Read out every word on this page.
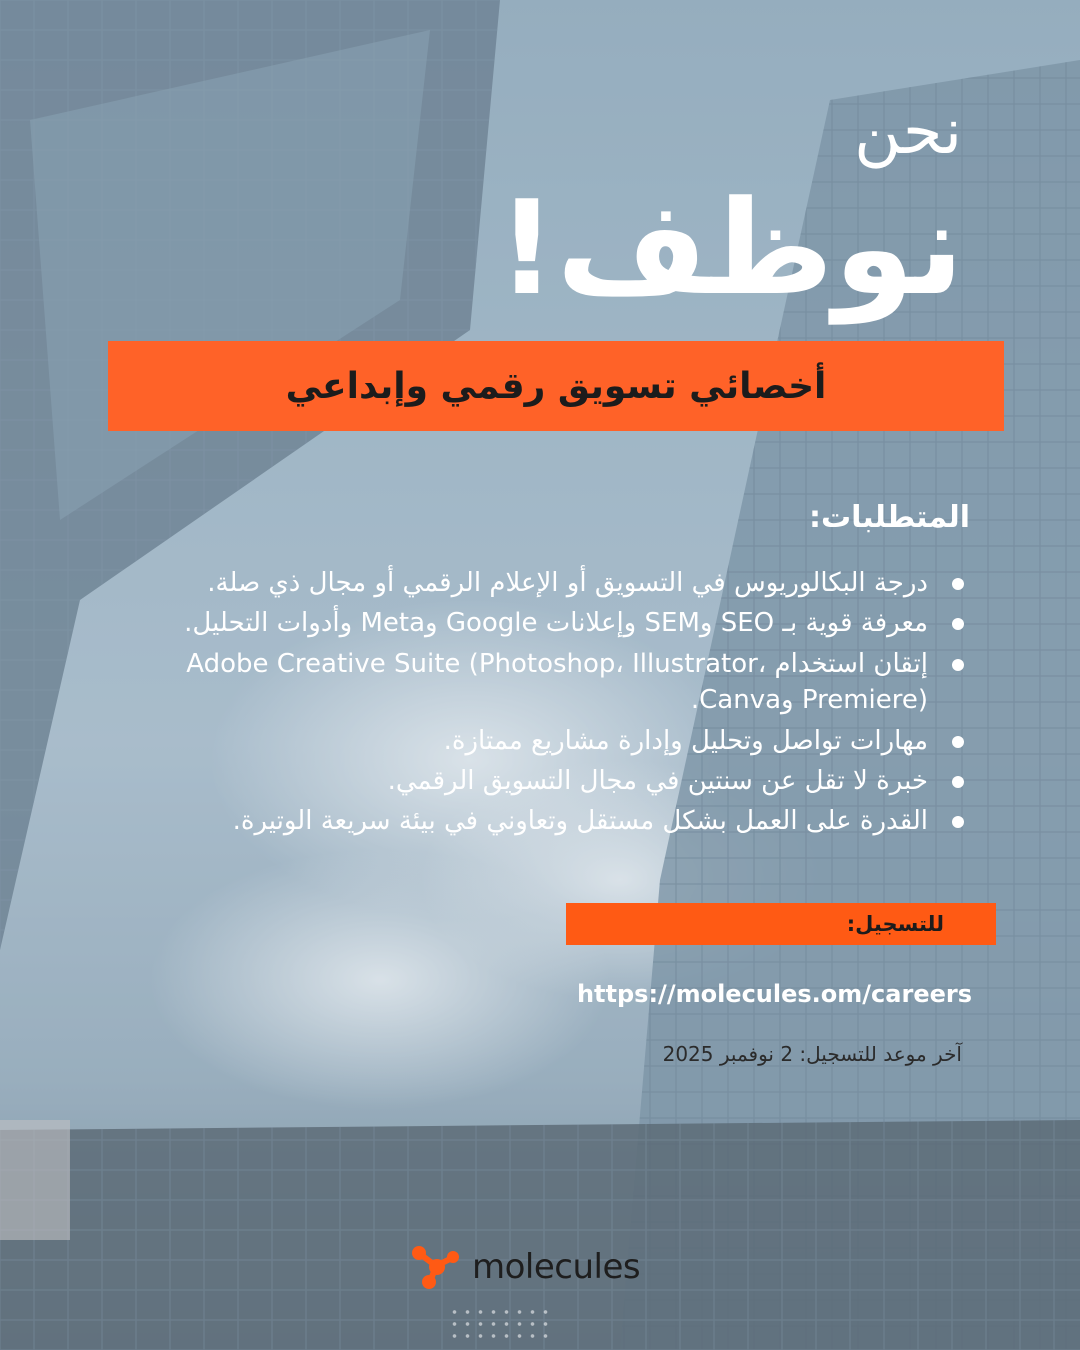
نحن
نوظف!
أخصائي تسويق رقمي وإبداعي
المتطلبات:
درجة البكالوريوس في التسويق أو الإعلام الرقمي أو مجال ذي صلة.
معرفة قوية بـ SEO وSEM وإعلانات Google وMeta وأدوات التحليل.
إتقان استخدام Adobe Creative Suite (Photoshop، Illustrator، Premiere) وCanva.
مهارات تواصل وتحليل وإدارة مشاريع ممتازة.
خبرة لا تقل عن سنتين في مجال التسويق الرقمي.
القدرة على العمل بشكل مستقل وتعاوني في بيئة سريعة الوتيرة.
للتسجيل:
https://molecules.om/careers
آخر موعد للتسجيل: 2 نوفمبر 2025
molecules
